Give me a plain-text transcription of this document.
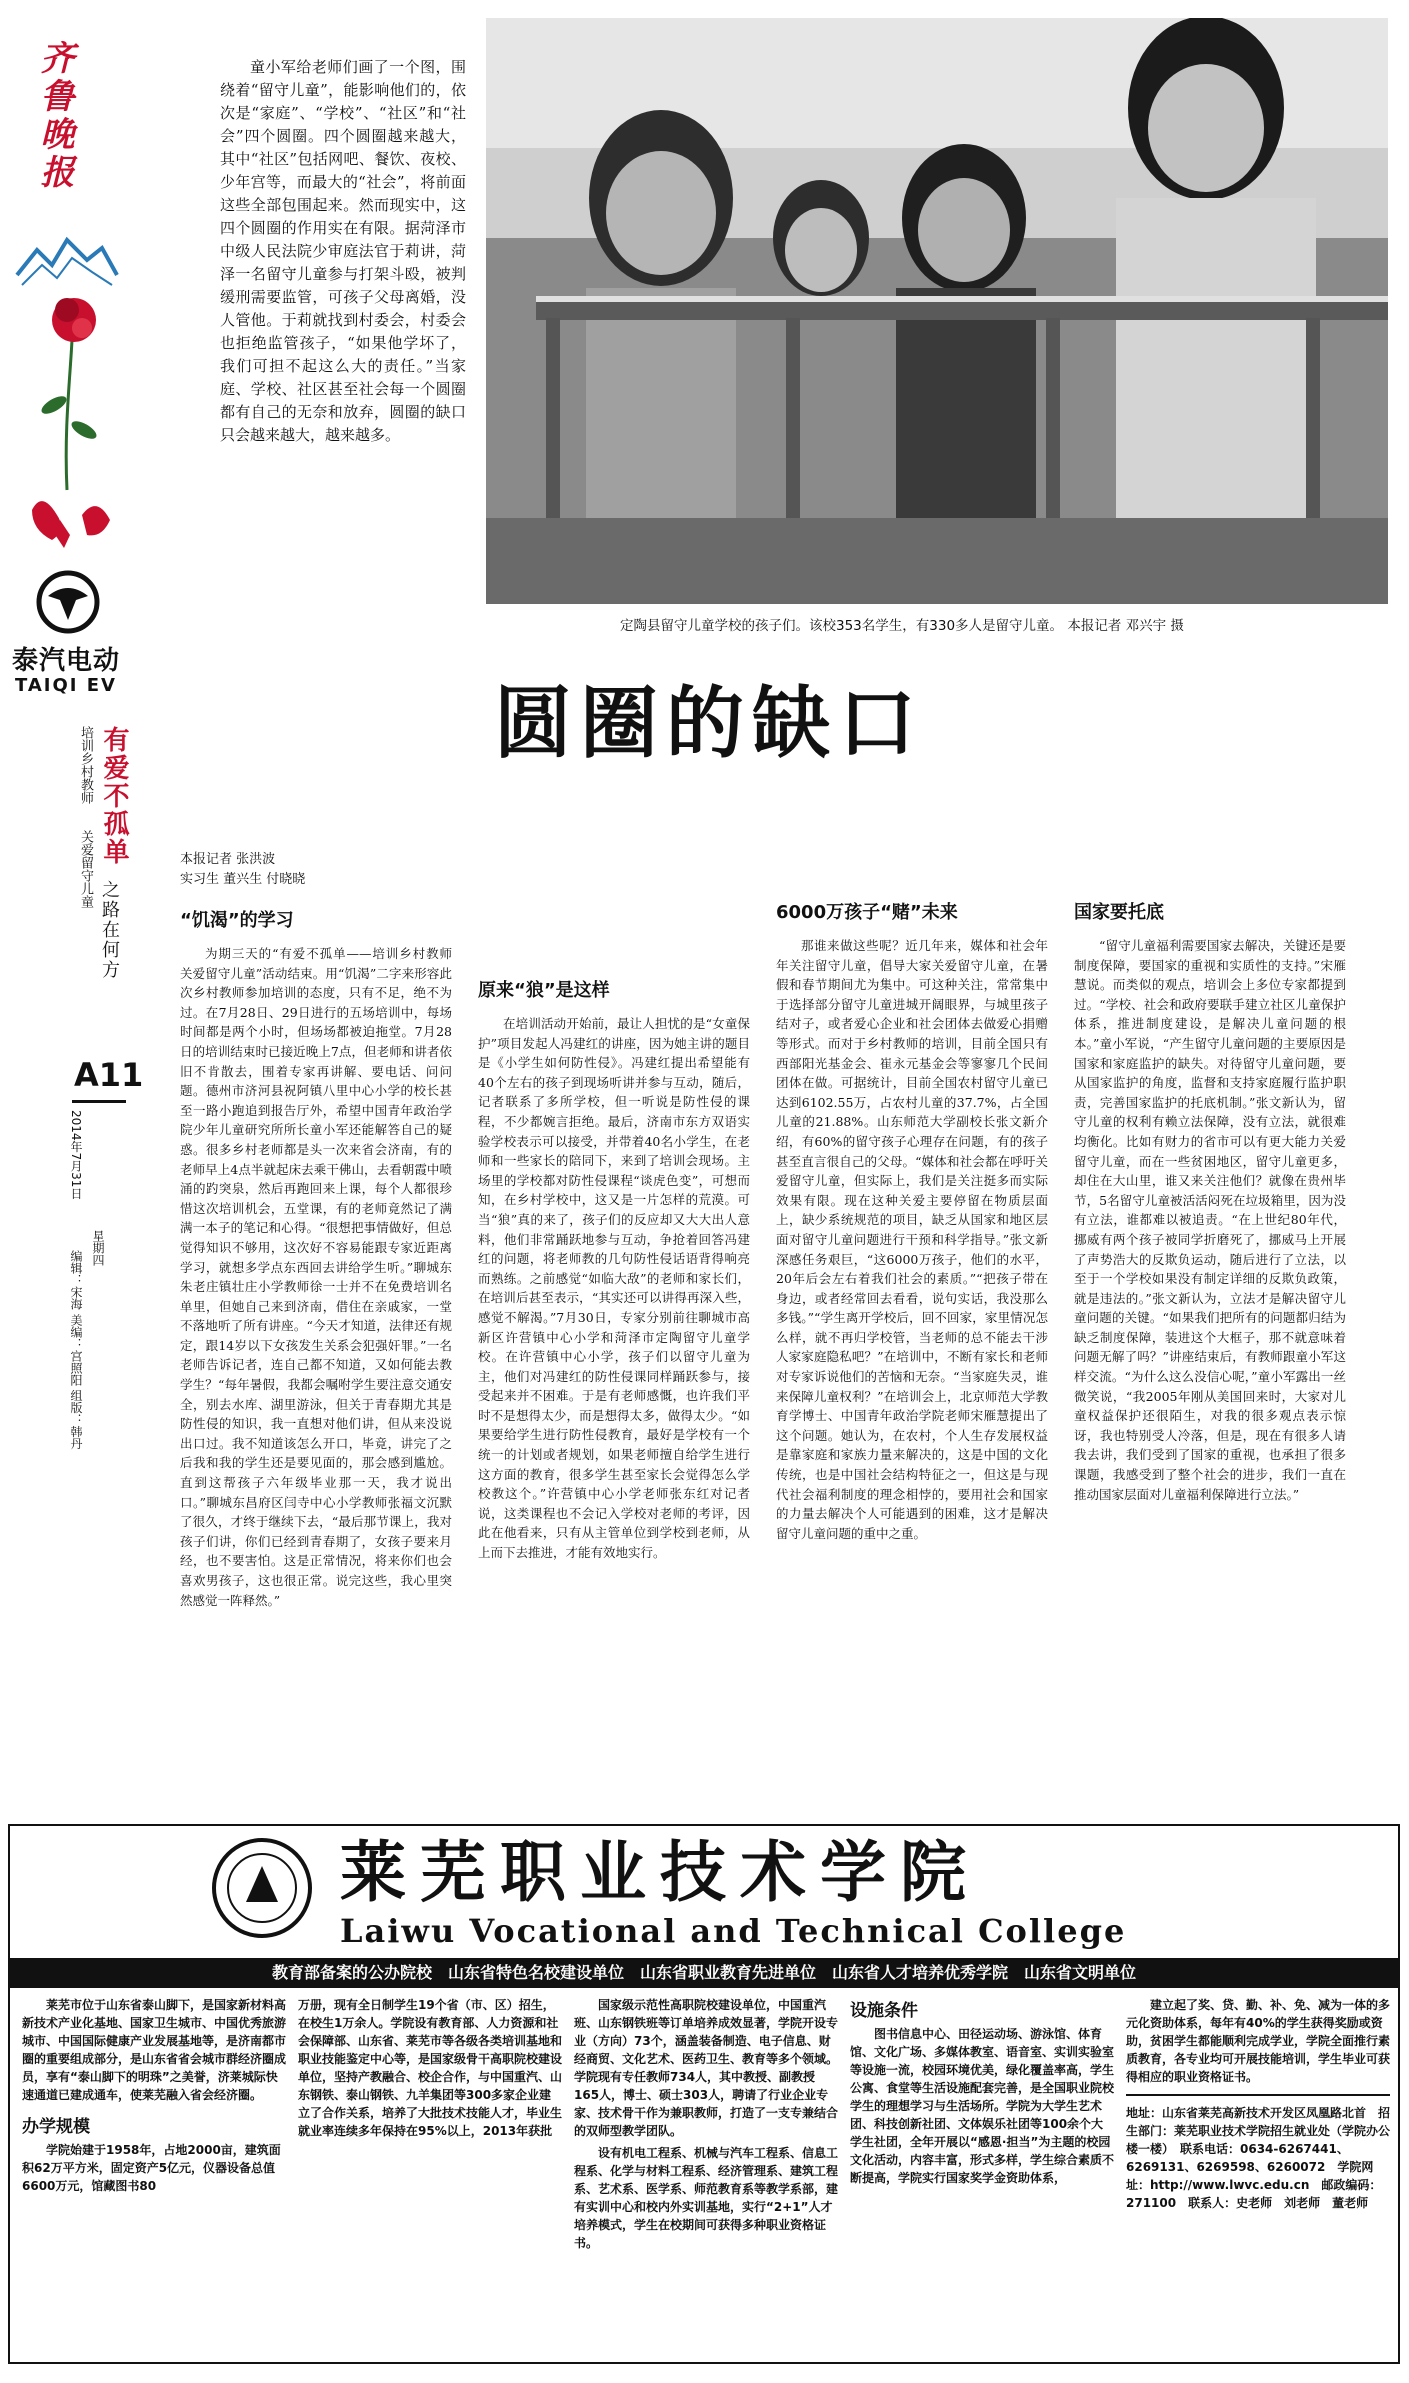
齐鲁晚报
泰汽电动
TAIQI EV
培训乡村教师
关爱留守儿童
有爱不孤单
之路在何方
A11
2014年7月31日
星期四
编辑：宋海 美编：宫照阳 组版：韩丹
童小军给老师们画了一个图，围绕着“留守儿童”，能影响他们的，依次是“家庭”、“学校”、“社区”和“社会”四个圆圈。四个圆圈越来越大，其中“社区”包括网吧、餐饮、夜校、少年宫等，而最大的“社会”，将前面这些全部包围起来。然而现实中，这四个圆圈的作用实在有限。据菏泽市中级人民法院少审庭法官于莉讲，菏泽一名留守儿童参与打架斗殴，被判缓刑需要监管，可孩子父母离婚，没人管他。于莉就找到村委会，村委会也拒绝监管孩子，“如果他学坏了，我们可担不起这么大的责任。”当家庭、学校、社区甚至社会每一个圆圈都有自己的无奈和放弃，圆圈的缺口只会越来越大，越来越多。
定陶县留守儿童学校的孩子们。该校353名学生，有330多人是留守儿童。 本报记者 邓兴宇 摄
圆圈的缺口
本报记者 张洪波
实习生 董兴生 付晓晓
“饥渴”的学习
为期三天的“有爱不孤单——培训乡村教师 关爱留守儿童”活动结束。用“饥渴”二字来形容此次乡村教师参加培训的态度，只有不足，绝不为过。在7月28日、29日进行的五场培训中，每场时间都是两个小时，但场场都被迫拖堂。7月28日的培训结束时已接近晚上7点，但老师和讲者依旧不肯散去，围着专家再讲解、要电话、问问题。德州市济河县祝阿镇八里中心小学的校长甚至一路小跑追到报告厅外，希望中国青年政治学院少年儿童研究所所长童小军还能解答自己的疑惑。很多乡村老师都是头一次来省会济南，有的老师早上4点半就起床去乘干佛山，去看朝霞中喷涌的趵突泉，然后再跑回来上课，每个人都很珍惜这次培训机会，五堂课，有的老师竟然记了满满一本子的笔记和心得。“很想把事情做好，但总觉得知识不够用，这次好不容易能跟专家近距离学习，就想多学点东西回去讲给学生听。”聊城东朱老庄镇壮庄小学教师徐一士并不在免费培训名单里，但她自己来到济南，借住在亲戚家，一堂不落地听了所有讲座。“今天才知道，法律还有规定，跟14岁以下女孩发生关系会犯强奸罪。”一名老师告诉记者，连自己都不知道，又如何能去教学生？“每年暑假，我都会嘱咐学生要注意交通安全，别去水库、湖里游泳，但关于青春期尤其是防性侵的知识，我一直想对他们讲，但从来没说出口过。我不知道该怎么开口，毕竟，讲完了之后我和我的学生还是要见面的，那会感到尴尬。直到这帮孩子六年级毕业那一天，我才说出口。”聊城东昌府区闫寺中心小学教师张福文沉默了很久，才终于继续下去，“最后那节课上，我对孩子们讲，你们已经到青春期了，女孩子要来月经，也不要害怕。这是正常情况，将来你们也会喜欢男孩子，这也很正常。说完这些，我心里突然感觉一阵释然。”
原来“狼”是这样
在培训活动开始前，最让人担忧的是“女童保护”项目发起人冯建红的讲座，因为她主讲的题目是《小学生如何防性侵》。冯建红提出希望能有40个左右的孩子到现场听讲并参与互动，随后，记者联系了多所学校，但一听说是防性侵的课程，不少都婉言拒绝。最后，济南市东方双语实验学校表示可以接受，并带着40名小学生，在老师和一些家长的陪同下，来到了培训会现场。主场里的学校都对防性侵课程“谈虎色变”，可想而知，在乡村学校中，这又是一片怎样的荒漠。可当“狼”真的来了，孩子们的反应却又大大出人意料，他们非常踊跃地参与互动，争抢着回答冯建红的问题，将老师教的几句防性侵话语背得响亮而熟练。之前感觉“如临大敌”的老师和家长们，在培训后甚至表示，“其实还可以讲得再深入些，感觉不解渴。”7月30日，专家分别前往聊城市高新区许营镇中心小学和菏泽市定陶留守儿童学校。在许营镇中心小学，孩子们以留守儿童为主，他们对冯建红的防性侵课同样踊跃参与，接受起来并不困难。于是有老师感慨，也许我们平时不是想得太少，而是想得太多，做得太少。“如果要给学生进行防性侵教育，最好是学校有一个统一的计划或者规划，如果老师擅自给学生进行这方面的教育，很多学生甚至家长会觉得怎么学校教这个。”许营镇中心小学老师张东红对记者说，这类课程也不会记入学校对老师的考评，因此在他看来，只有从主管单位到学校到老师，从上而下去推进，才能有效地实行。
6000万孩子“赌”未来
那谁来做这些呢？近几年来，媒体和社会年年关注留守儿童，倡导大家关爱留守儿童，在暑假和春节期间尤为集中。可这种关注，常常集中于选择部分留守儿童进城开阔眼界，与城里孩子结对子，或者爱心企业和社会团体去做爱心捐赠等形式。而对于乡村教师的培训，目前全国只有西部阳光基金会、崔永元基金会等寥寥几个民间团体在做。可据统计，目前全国农村留守儿童已达到6102.55万，占农村儿童的37.7%，占全国儿童的21.88%。山东师范大学副校长张文新介绍，有60%的留守孩子心理存在问题，有的孩子甚至直言很自己的父母。“媒体和社会都在呼吁关爱留守儿童，但实际上，我们是关注挺多而实际效果有限。现在这种关爱主要停留在物质层面上，缺少系统规范的项目，缺乏从国家和地区层面对留守儿童问题进行干预和科学指导。”张文新深感任务艰巨，“这6000万孩子，他们的水平，20年后会左右着我们社会的素质。”“把孩子带在身边，或者经常回去看看，说句实话，我没那么多钱。”“学生离开学校后，回不回家，家里情况怎么样，就不再归学校管，当老师的总不能去干涉人家家庭隐私吧？”在培训中，不断有家长和老师对专家诉说他们的苦恼和无奈。“当家庭失灵，谁来保障儿童权利？”在培训会上，北京师范大学教育学博士、中国青年政治学院老师宋雁慧提出了这个问题。她认为，在农村，个人生存发展权益是靠家庭和家族力量来解决的，这是中国的文化传统，也是中国社会结构特征之一，但这是与现代社会福利制度的理念相悖的，要用社会和国家的力量去解决个人可能遇到的困难，这才是解决留守儿童问题的重中之重。
国家要托底
“留守儿童福利需要国家去解决，关键还是要制度保障，要国家的重视和实质性的支持。”宋雁慧说。而类似的观点，培训会上多位专家都提到过。“学校、社会和政府要联手建立社区儿童保护体系，推进制度建设，是解决儿童问题的根本。”童小军说，“产生留守儿童问题的主要原因是国家和家庭监护的缺失。对待留守儿童问题，要从国家监护的角度，监督和支持家庭履行监护职责，完善国家监护的托底机制。”张文新认为，留守儿童的权利有赖立法保障，没有立法，就很难均衡化。比如有财力的省市可以有更大能力关爱留守儿童，而在一些贫困地区，留守儿童更多，却住在大山里，谁又来关注他们？就像在贵州毕节，5名留守儿童被活活闷死在垃圾箱里，因为没有立法，谁都难以被追责。“在上世纪80年代，挪威有两个孩子被同学折磨死了，挪威马上开展了声势浩大的反欺负运动，随后进行了立法，以至于一个学校如果没有制定详细的反欺负政策，就是违法的。”张文新认为，立法才是解决留守儿童问题的关键。“如果我们把所有的问题都归结为缺乏制度保障，装进这个大框子，那不就意味着问题无解了吗？”讲座结束后，有教师跟童小军这样交流。“为什么这么没信心呢，”童小军露出一丝微笑说，“我2005年刚从美国回来时，大家对儿童权益保护还很陌生，对我的很多观点表示惊讶，我也特别受人冷落，但是，现在有很多人请我去讲，我们受到了国家的重视，也承担了很多课题，我感受到了整个社会的进步，我们一直在推动国家层面对儿童福利保障进行立法。”
莱芜职业技术学院
Laiwu Vocational and Technical College
教育部备案的公办院校　山东省特色名校建设单位　山东省职业教育先进单位　山东省人才培养优秀学院　山东省文明单位
莱芜市位于山东省泰山脚下，是国家新材料高新技术产业化基地、国家卫生城市、中国优秀旅游城市、中国国际健康产业发展基地等，是济南都市圈的重要组成部分，是山东省省会城市群经济圈成员，享有“泰山脚下的明珠”之美誉，济莱城际快速通道已建成通车，使莱芜融入省会经济圈。
办学规模
学院始建于1958年，占地2000亩，建筑面积62万平方米，固定资产5亿元，仪器设备总值6600万元，馆藏图书80
万册，现有全日制学生19个省（市、区）招生，在校生1万余人。学院设有教育部、人力资源和社会保障部、山东省、莱芜市等各级各类培训基地和职业技能鉴定中心等，是国家级骨干高职院校建设单位，坚持产教融合、校企合作，与中国重汽、山东钢铁、泰山钢铁、九羊集团等300多家企业建立了合作关系，培养了大批技术技能人才，毕业生就业率连续多年保持在95%以上，2013年获批
国家级示范性高职院校建设单位，中国重汽班、山东钢铁班等订单培养成效显著，学院开设专业（方向）73个，涵盖装备制造、电子信息、财经商贸、文化艺术、医药卫生、教育等多个领域。学院现有专任教师734人，其中教授、副教授165人，博士、硕士303人，聘请了行业企业专家、技术骨干作为兼职教师，打造了一支专兼结合的双师型教学团队。
设有机电工程系、机械与汽车工程系、信息工程系、化学与材料工程系、经济管理系、建筑工程系、艺术系、医学系、师范教育系等教学系部，建有实训中心和校内外实训基地，实行“2+1”人才培养模式，学生在校期间可获得多种职业资格证书。
设施条件
图书信息中心、田径运动场、游泳馆、体育馆、文化广场、多媒体教室、语音室、实训实验室等设施一流，校园环境优美，绿化覆盖率高，学生公寓、食堂等生活设施配套完善，是全国职业院校学生的理想学习与生活场所。学院为大学生艺术团、科技创新社团、文体娱乐社团等100余个大学生社团，全年开展以“感恩·担当”为主题的校园文化活动，内容丰富，形式多样，学生综合素质不断提高，学院实行国家奖学金资助体系，
建立起了奖、贷、勤、补、免、减为一体的多元化资助体系，每年有40%的学生获得奖励或资助，贫困学生都能顺利完成学业，学院全面推行素质教育，各专业均可开展技能培训，学生毕业可获得相应的职业资格证书。
地址：山东省莱芜高新技术开发区凤凰路北首　招生部门：莱芜职业技术学院招生就业处（学院办公楼一楼）　联系电话：0634-6267441、6269131、6269598、6260072　学院网址：http://www.lwvc.edu.cn　邮政编码：271100　联系人：史老师　刘老师　董老师
